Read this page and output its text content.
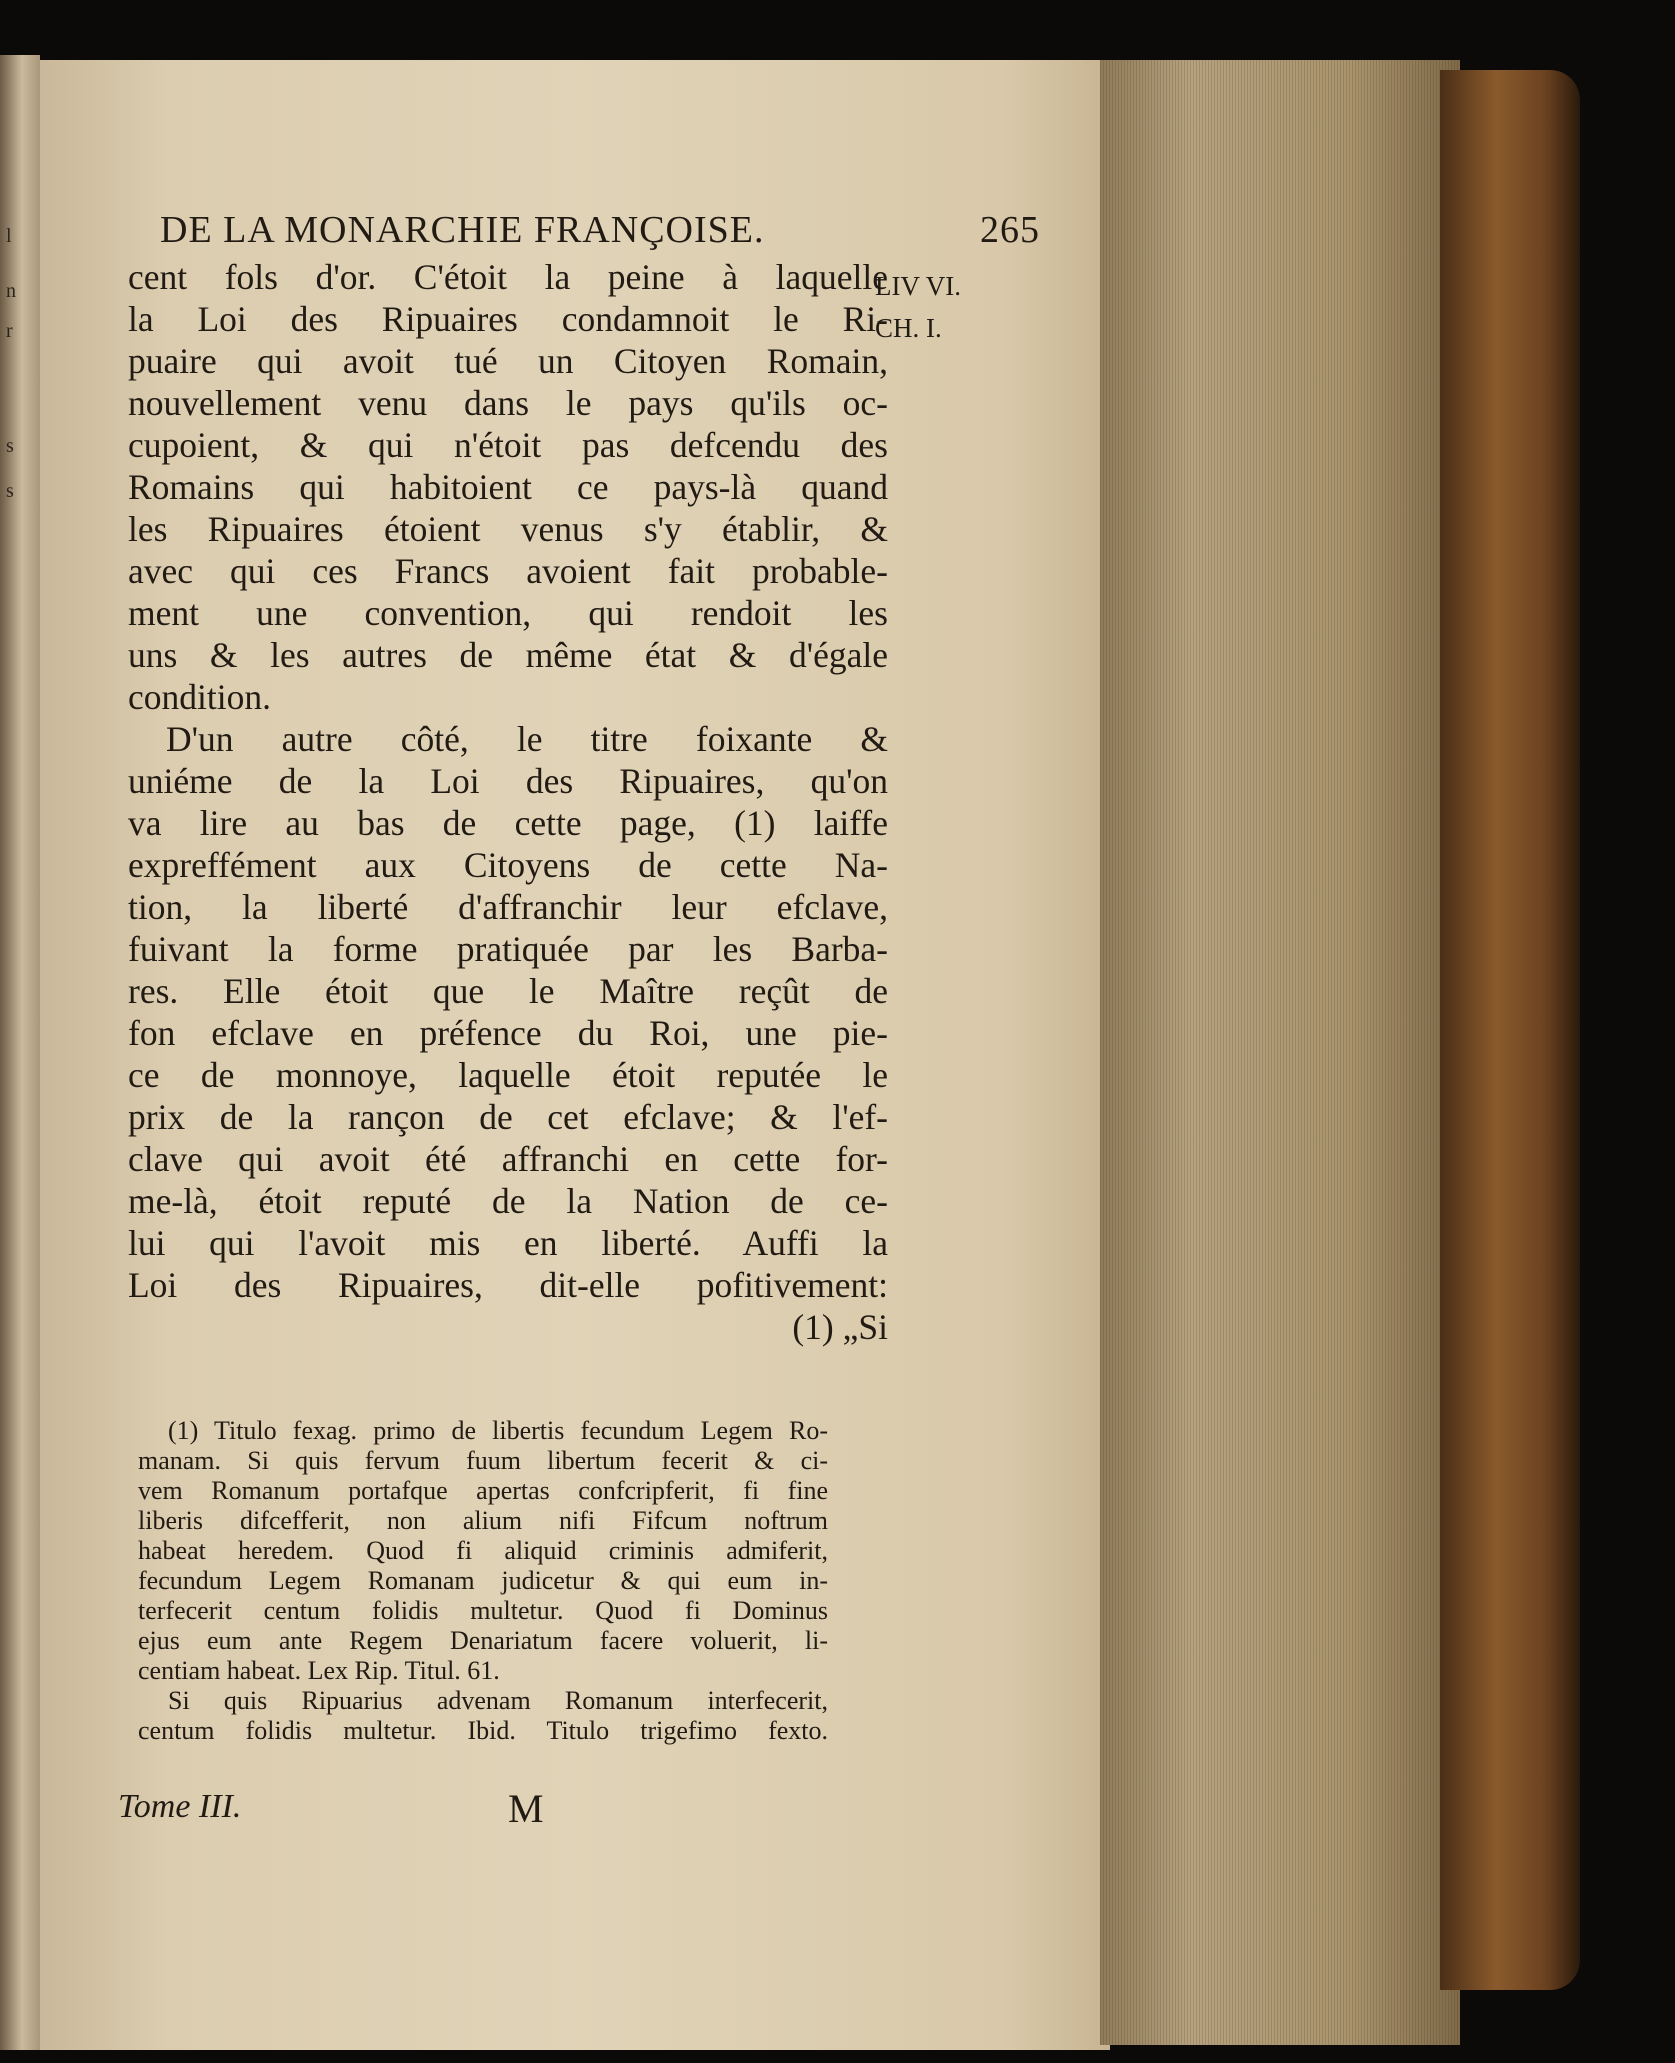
l
n
r
s
s
DE LA MONARCHIE FRANÇOISE.	265
LIV VI.
CH. I.
cent fols d'or. C'étoit la peine à laquelle
la Loi des Ripuaires condamnoit le Ri-
puaire qui avoit tué un Citoyen Romain,
nouvellement venu dans le pays qu'ils oc-
cupoient, & qui n'étoit pas defcendu des
Romains qui habitoient ce pays-là quand
les Ripuaires étoient venus s'y établir, &
avec qui ces Francs avoient fait probable-
ment une convention, qui rendoit les
uns & les autres de même état & d'égale
condition.
D'un autre côté, le titre foixante &
uniéme de la Loi des Ripuaires, qu'on
va lire au bas de cette page, (1) laiffe
expreffément aux Citoyens de cette Na-
tion, la liberté d'affranchir leur efclave,
fuivant la forme pratiquée par les Barba-
res. Elle étoit que le Maître reçût de
fon efclave en préfence du Roi, une pie-
ce de monnoye, laquelle étoit reputée le
prix de la rançon de cet efclave; & l'ef-
clave qui avoit été affranchi en cette for-
me-là, étoit reputé de la Nation de ce-
lui qui l'avoit mis en liberté. Auffi la
Loi des Ripuaires, dit-elle pofitivement:
(1) „Si
(1) Titulo fexag. primo de libertis fecundum Legem Ro-
manam. Si quis fervum fuum libertum fecerit & ci-
vem Romanum portafque apertas confcripferit, fi fine
liberis difcefferit, non alium nifi Fifcum noftrum
habeat heredem. Quod fi aliquid criminis admiferit,
fecundum Legem Romanam judicetur & qui eum in-
terfecerit centum folidis multetur. Quod fi Dominus
ejus eum ante Regem Denariatum facere voluerit, li-
centiam habeat. Lex Rip. Titul. 61.
Si quis Ripuarius advenam Romanum interfecerit,
centum folidis multetur. Ibid. Titulo trigefimo fexto.
Tome III.	M
